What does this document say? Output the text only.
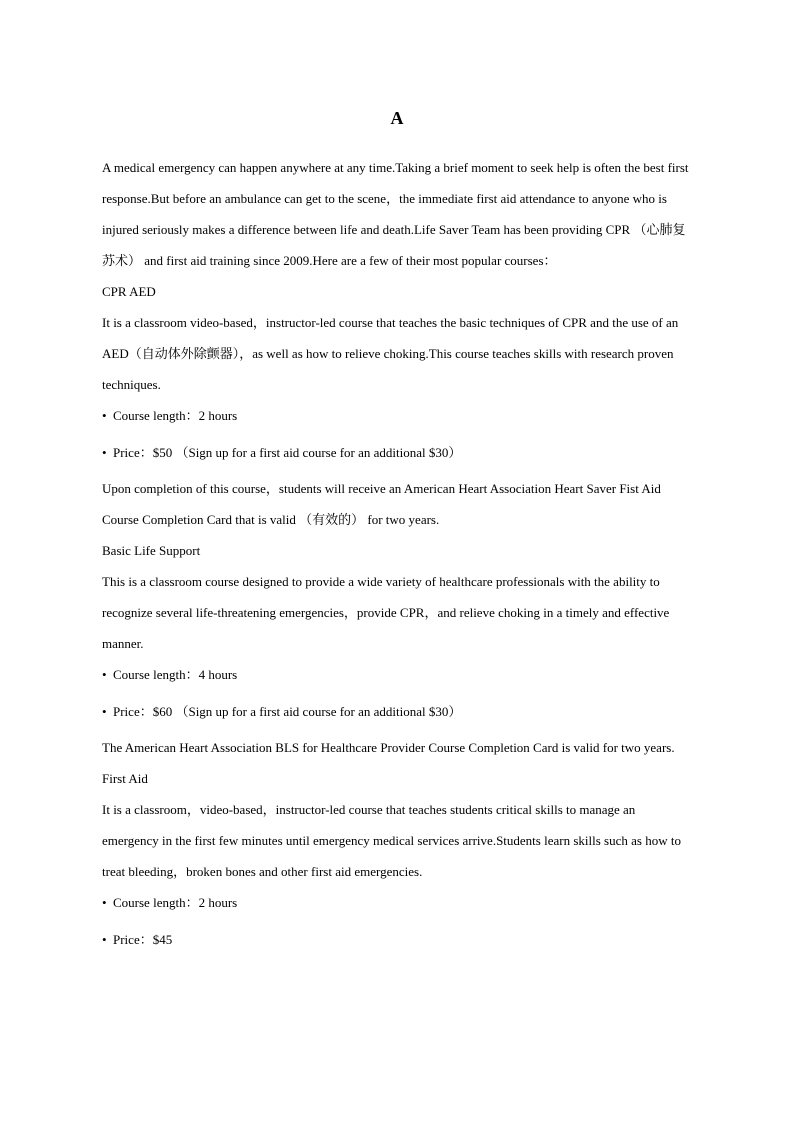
A

A medical emergency can happen anywhere at any time.Taking a brief moment to seek help is often the best first response.But before an ambulance can get to the scene，the immediate first aid attendance to anyone who is injured seriously makes a difference between life and death.Life Saver Team has been providing CPR （心肺复苏术） and first aid training since 2009.Here are a few of their most popular courses：

CPR AED

It is a classroom video-based，instructor-led course that teaches the basic techniques of CPR and the use of an AED（自动体外除颤器），as well as how to relieve choking.This course teaches skills with research proven techniques.

• Course length：2 hours

• Price：$50 （Sign up for a first aid course for an additional $30）

Upon completion of this course，students will receive an American Heart Association Heart Saver Fist Aid Course Completion Card that is valid （有效的） for two years.

Basic Life Support

This is a classroom course designed to provide a wide variety of healthcare professionals with the ability to recognize several life-threatening emergencies，provide CPR，and relieve choking in a timely and effective manner.

• Course length：4 hours

• Price：$60 （Sign up for a first aid course for an additional $30）

The American Heart Association BLS for Healthcare Provider Course Completion Card is valid for two years.

First Aid

It is a classroom，video-based，instructor-led course that teaches students critical skills to manage an emergency in the first few minutes until emergency medical services arrive.Students learn skills such as how to treat bleeding，broken bones and other first aid emergencies.

• Course length：2 hours

• Price：$45
